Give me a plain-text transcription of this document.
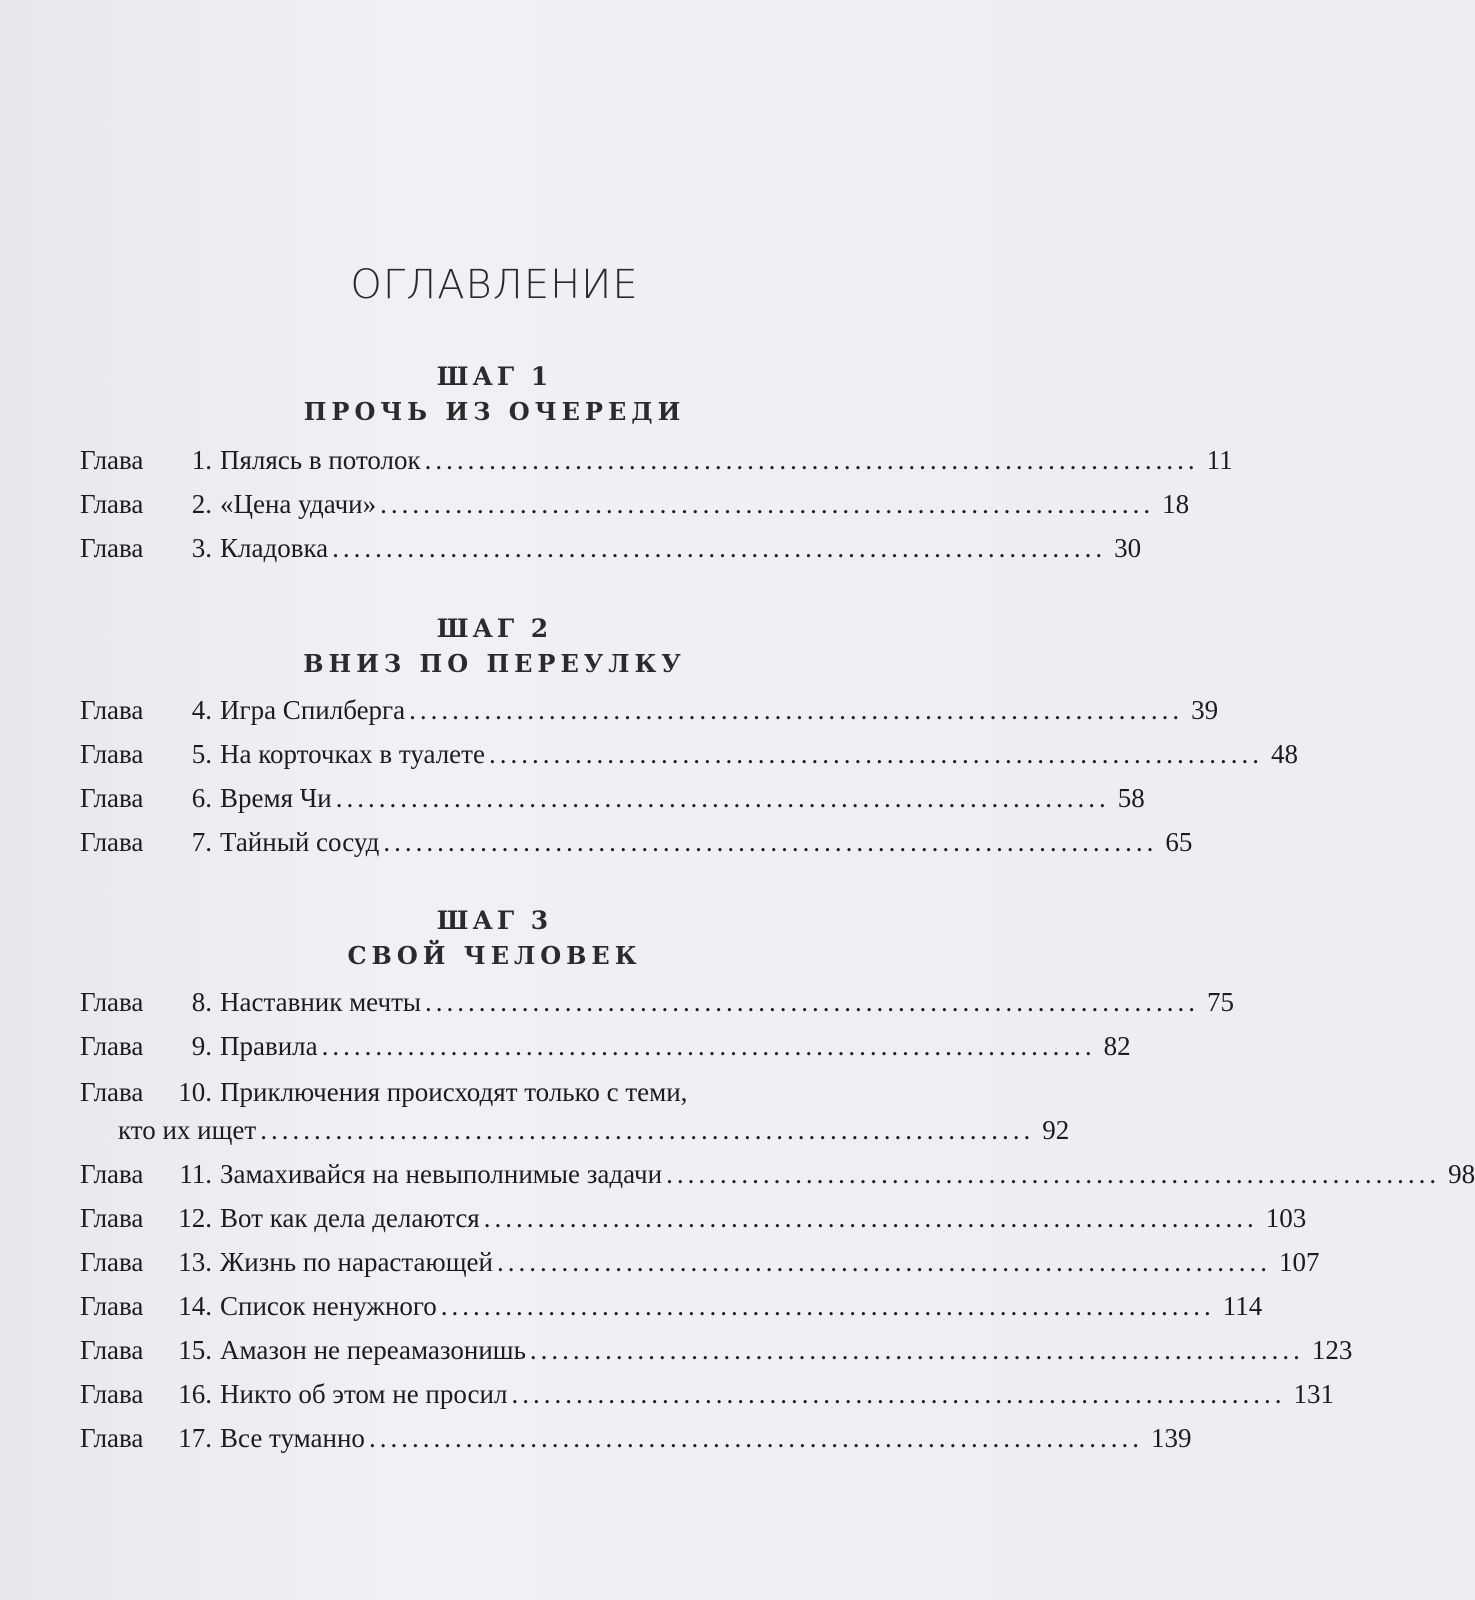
ОГЛАВЛЕНИЕ
ШАГ 1
ПРОЧЬ ИЗ ОЧЕРЕДИ
Глава	1. Пялясь в потолок ........................................................................ 11
Глава	2. «Цена удачи» ........................................................................ 18
Глава	3. Кладовка ........................................................................ 30
ШАГ 2
ВНИЗ ПО ПЕРЕУЛКУ
Глава	4. Игра Спилберга ........................................................................ 39
Глава	5. На корточках в туалете ........................................................................ 48
Глава	6. Время Чи ........................................................................ 58
Глава	7. Тайный сосуд ........................................................................ 65
ШАГ 3
СВОЙ ЧЕЛОВЕК
Глава	8. Наставник мечты ........................................................................ 75
Глава	9. Правила ........................................................................ 82
Глава	10. Приключения происходят только с теми,
кто их ищет ........................................................................ 92
Глава	11. Замахивайся на невыполнимые задачи ........................................................................ 98
Глава	12. Вот как дела делаются ........................................................................ 103
Глава	13. Жизнь по нарастающей ........................................................................ 107
Глава	14. Список ненужного ........................................................................ 114
Глава	15. Амазон не переамазонишь ........................................................................ 123
Глава	16. Никто об этом не просил ........................................................................ 131
Глава	17. Все туманно ........................................................................ 139
